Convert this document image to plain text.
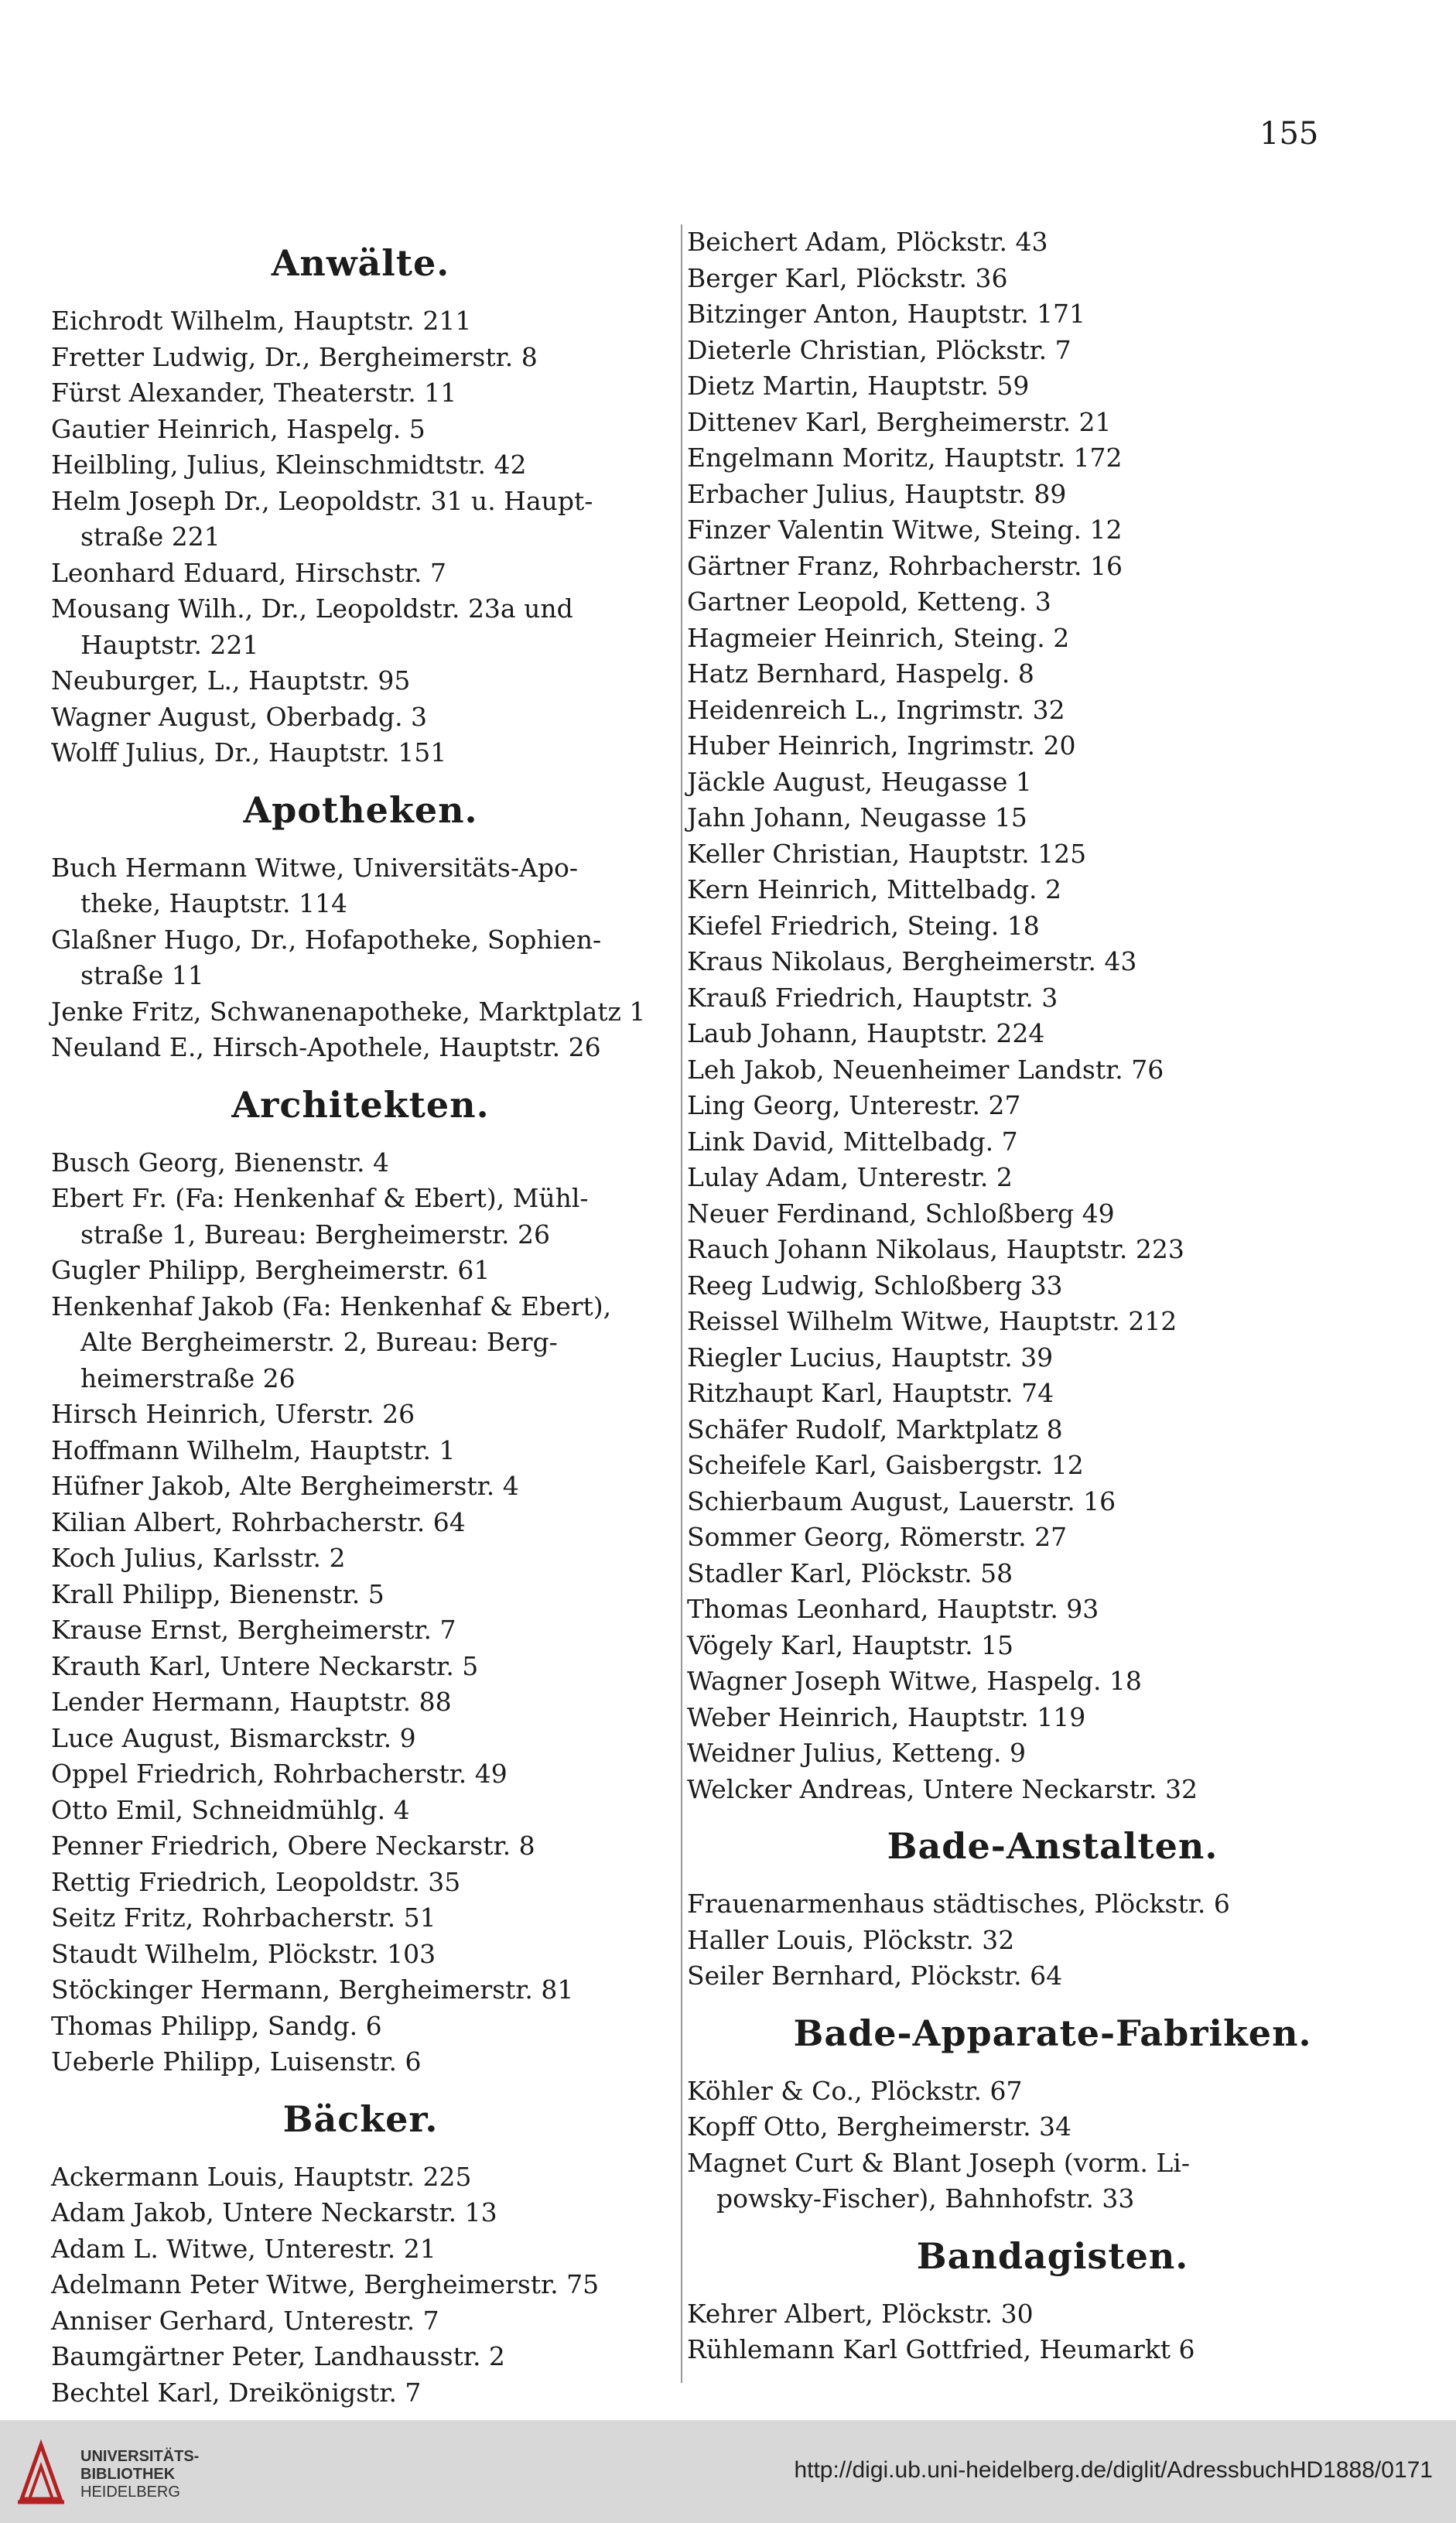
155
Anwälte.
Eichrodt Wilhelm, Hauptstr. 211
Fretter Ludwig, Dr., Bergheimerstr. 8
Fürst Alexander, Theaterstr. 11
Gautier Heinrich, Haspelg. 5
Heilbling, Julius, Kleinschmidtstr. 42
Helm Joseph Dr., Leopoldstr. 31 u. Haupt-
straße 221
Leonhard Eduard, Hirschstr. 7
Mousang Wilh., Dr., Leopoldstr. 23a und
Hauptstr. 221
Neuburger, L., Hauptstr. 95
Wagner August, Oberbadg. 3
Wolff Julius, Dr., Hauptstr. 151
Apotheken.
Buch Hermann Witwe, Universitäts-Apo-
theke, Hauptstr. 114
Glaßner Hugo, Dr., Hofapotheke, Sophien-
straße 11
Jenke Fritz, Schwanenapotheke, Marktplatz 1
Neuland E., Hirsch-Apothele, Hauptstr. 26
Architekten.
Busch Georg, Bienenstr. 4
Ebert Fr. (Fa: Henkenhaf & Ebert), Mühl-
straße 1, Bureau: Bergheimerstr. 26
Gugler Philipp, Bergheimerstr. 61
Henkenhaf Jakob (Fa: Henkenhaf & Ebert),
Alte Bergheimerstr. 2, Bureau: Berg-
heimerstraße 26
Hirsch Heinrich, Uferstr. 26
Hoffmann Wilhelm, Hauptstr. 1
Hüfner Jakob, Alte Bergheimerstr. 4
Kilian Albert, Rohrbacherstr. 64
Koch Julius, Karlsstr. 2
Krall Philipp, Bienenstr. 5
Krause Ernst, Bergheimerstr. 7
Krauth Karl, Untere Neckarstr. 5
Lender Hermann, Hauptstr. 88
Luce August, Bismarckstr. 9
Oppel Friedrich, Rohrbacherstr. 49
Otto Emil, Schneidmühlg. 4
Penner Friedrich, Obere Neckarstr. 8
Rettig Friedrich, Leopoldstr. 35
Seitz Fritz, Rohrbacherstr. 51
Staudt Wilhelm, Plöckstr. 103
Stöckinger Hermann, Bergheimerstr. 81
Thomas Philipp, Sandg. 6
Ueberle Philipp, Luisenstr. 6
Bäcker.
Ackermann Louis, Hauptstr. 225
Adam Jakob, Untere Neckarstr. 13
Adam L. Witwe, Unterestr. 21
Adelmann Peter Witwe, Bergheimerstr. 75
Anniser Gerhard, Unterestr. 7
Baumgärtner Peter, Landhausstr. 2
Bechtel Karl, Dreikönigstr. 7
Beichert Adam, Plöckstr. 43
Berger Karl, Plöckstr. 36
Bitzinger Anton, Hauptstr. 171
Dieterle Christian, Plöckstr. 7
Dietz Martin, Hauptstr. 59
Dittenev Karl, Bergheimerstr. 21
Engelmann Moritz, Hauptstr. 172
Erbacher Julius, Hauptstr. 89
Finzer Valentin Witwe, Steing. 12
Gärtner Franz, Rohrbacherstr. 16
Gartner Leopold, Ketteng. 3
Hagmeier Heinrich, Steing. 2
Hatz Bernhard, Haspelg. 8
Heidenreich L., Ingrimstr. 32
Huber Heinrich, Ingrimstr. 20
Jäckle August, Heugasse 1
Jahn Johann, Neugasse 15
Keller Christian, Hauptstr. 125
Kern Heinrich, Mittelbadg. 2
Kiefel Friedrich, Steing. 18
Kraus Nikolaus, Bergheimerstr. 43
Krauß Friedrich, Hauptstr. 3
Laub Johann, Hauptstr. 224
Leh Jakob, Neuenheimer Landstr. 76
Ling Georg, Unterestr. 27
Link David, Mittelbadg. 7
Lulay Adam, Unterestr. 2
Neuer Ferdinand, Schloßberg 49
Rauch Johann Nikolaus, Hauptstr. 223
Reeg Ludwig, Schloßberg 33
Reissel Wilhelm Witwe, Hauptstr. 212
Riegler Lucius, Hauptstr. 39
Ritzhaupt Karl, Hauptstr. 74
Schäfer Rudolf, Marktplatz 8
Scheifele Karl, Gaisbergstr. 12
Schierbaum August, Lauerstr. 16
Sommer Georg, Römerstr. 27
Stadler Karl, Plöckstr. 58
Thomas Leonhard, Hauptstr. 93
Vögely Karl, Hauptstr. 15
Wagner Joseph Witwe, Haspelg. 18
Weber Heinrich, Hauptstr. 119
Weidner Julius, Ketteng. 9
Welcker Andreas, Untere Neckarstr. 32
Bade-Anstalten.
Frauenarmenhaus städtisches, Plöckstr. 6
Haller Louis, Plöckstr. 32
Seiler Bernhard, Plöckstr. 64
Bade-Apparate-Fabriken.
Köhler & Co., Plöckstr. 67
Kopff Otto, Bergheimerstr. 34
Magnet Curt & Blant Joseph (vorm. Li-
powsky-Fischer), Bahnhofstr. 33
Bandagisten.
Kehrer Albert, Plöckstr. 30
Rühlemann Karl Gottfried, Heumarkt 6
UNIVERSITÄTS-
BIBLIOTHEK
HEIDELBERG
http://digi.ub.uni-heidelberg.de/diglit/AdressbuchHD1888/0171
